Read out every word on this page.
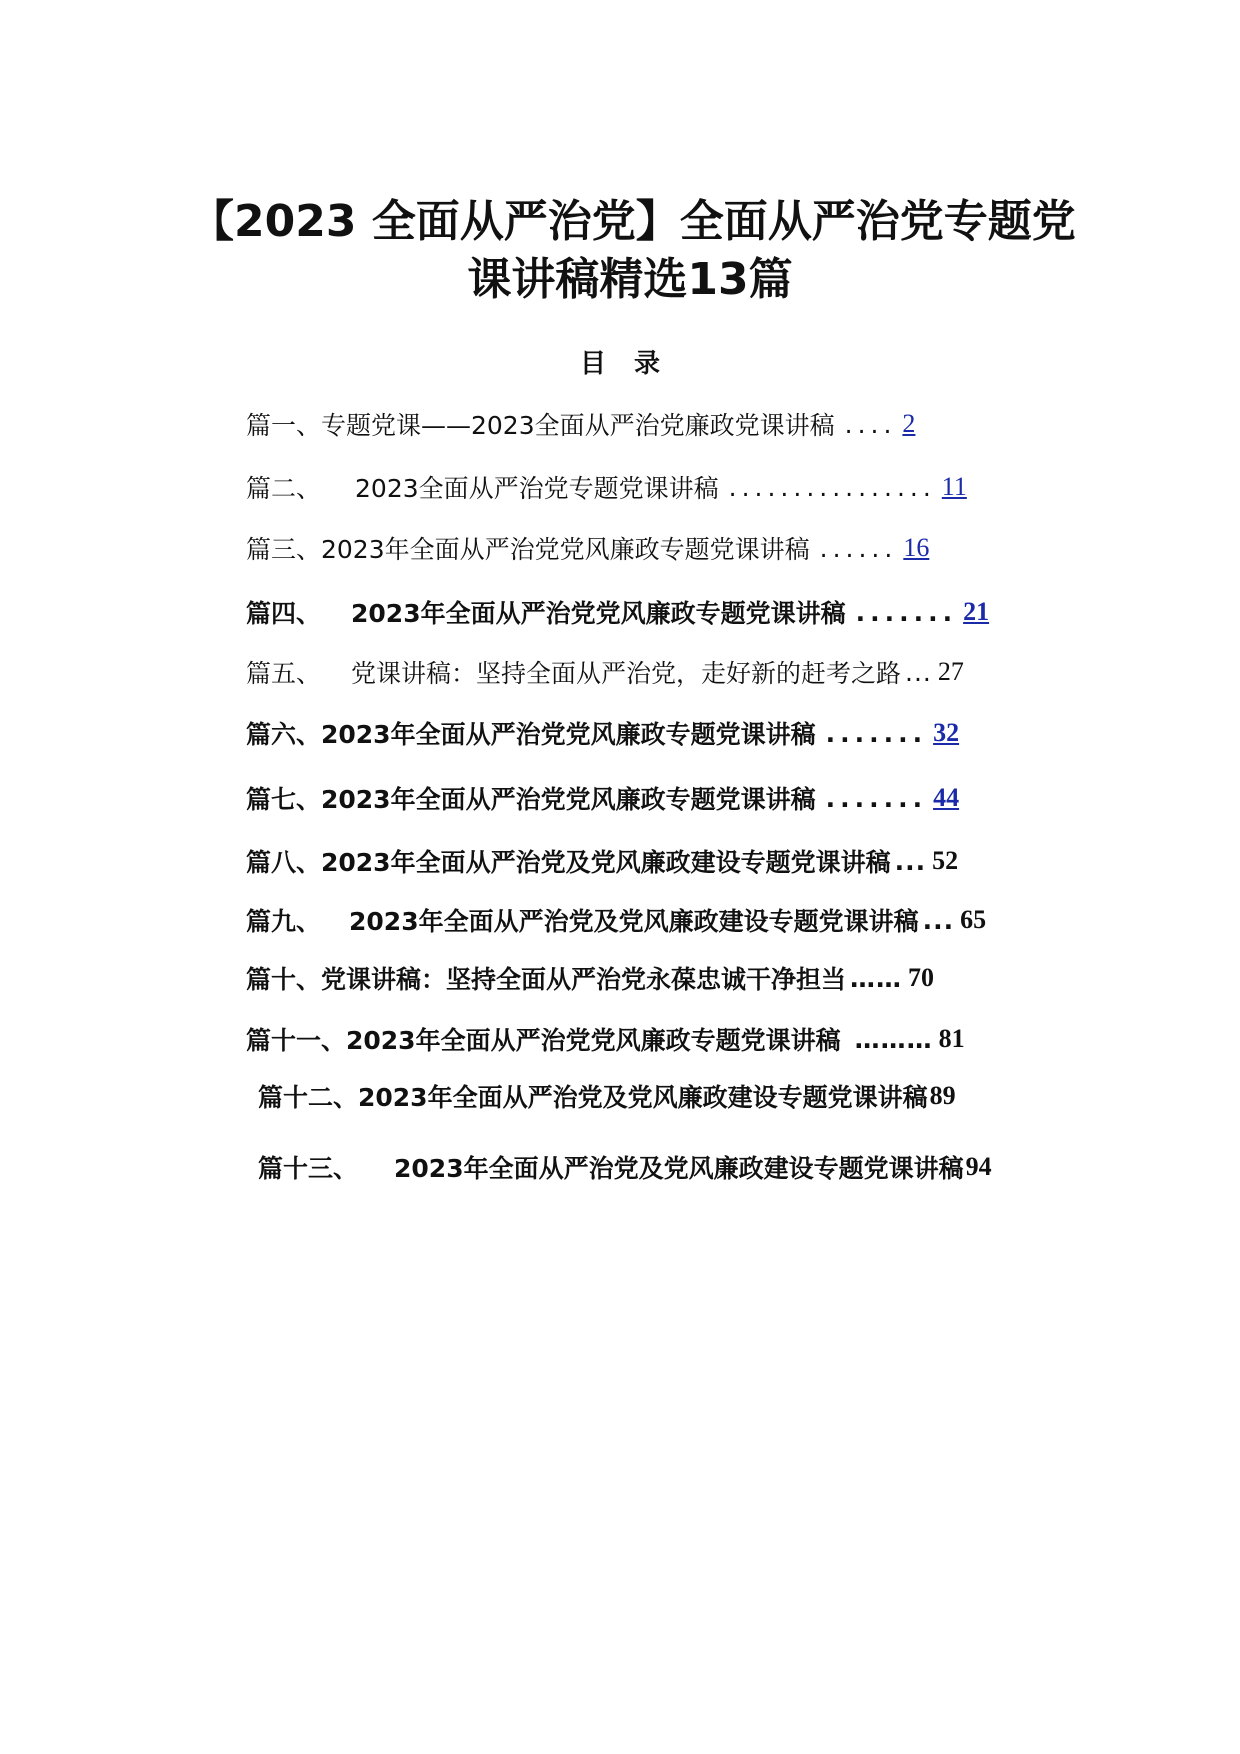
【2023 全面从严治党】全面从严治党专题党
课讲稿精选13篇
目录
篇一、专题党课——2023全面从严治党廉政党课讲稿 .... 2
篇二、 2023全面从严治党专题党课讲稿 ................ 11
篇三、2023年全面从严治党党风廉政专题党课讲稿 ...... 16
篇四、 2023年全面从严治党党风廉政专题党课讲稿 ....... 21
篇五、 党课讲稿：坚持全面从严治党，走好新的赶考之路 ... 27
篇六、2023年全面从严治党党风廉政专题党课讲稿 ....... 32
篇七、2023年全面从严治党党风廉政专题党课讲稿 ....... 44
篇八、2023年全面从严治党及党风廉政建设专题党课讲稿 ... 52
篇九、 2023年全面从严治党及党风廉政建设专题党课讲稿 ... 65
篇十、党课讲稿：坚持全面从严治党永葆忠诚干净担当 …… 70
篇十一、2023年全面从严治党党风廉政专题党课讲稿 ……… 81
篇十二、2023年全面从严治党及党风廉政建设专题党课讲稿 89
篇十三、 2023年全面从严治党及党风廉政建设专题党课讲稿 94
